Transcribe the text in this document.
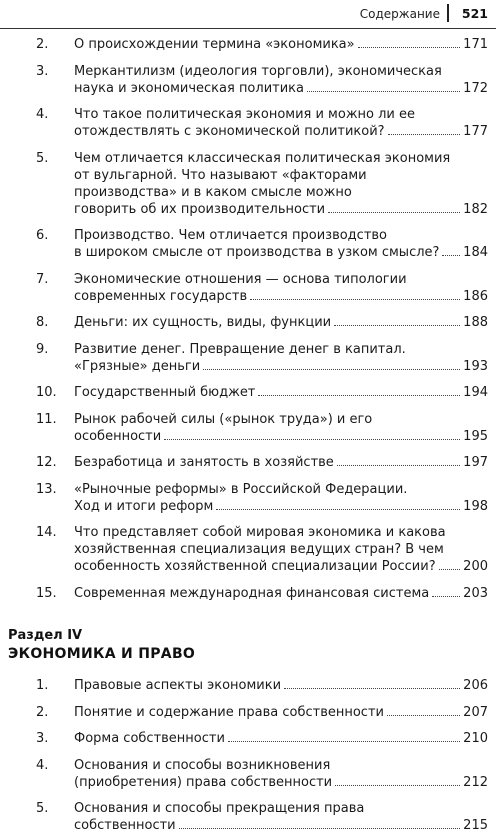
Содержание 521
2. О происхождении термина «экономика»	171
3. Меркантилизм (идеология торговли), экономическая
наука и экономическая политика	172
4. Что такое политическая экономия и можно ли ее
отождествлять с экономической политикой?	177
5. Чем отличается классическая политическая экономия
от вульгарной. Что называют «факторами
производства» и в каком смысле можно
говорить об их производительности	182
6. Производство. Чем отличается производство
в широком смысле от производства в узком смысле? 184
7. Экономические отношения — основа типологии
современных государств	186
8. Деньги: их сущность, виды, функции	188
9. Развитие денег. Превращение денег в капитал.
«Грязные» деньги	193
10. Государственный бюджет	194
11. Рынок рабочей силы («рынок труда») и его
особенности	195
12. Безработица и занятость в хозяйстве	197
13. «Рыночные реформы» в Российской Федерации.
Ход и итоги реформ	198
14. Что представляет собой мировая экономика и какова
хозяйственная специализация ведущих стран? В чем
особенность хозяйственной специализации России? 200
15. Современная международная финансовая система	203
Раздел IV
ЭКОНОМИКА И ПРАВО
1. Правовые аспекты экономики	206
2. Понятие и содержание права собственности	207
3. Форма собственности	210
4. Основания и способы возникновения
(приобретения) права собственности	212
5. Основания и способы прекращения права
собственности	215
